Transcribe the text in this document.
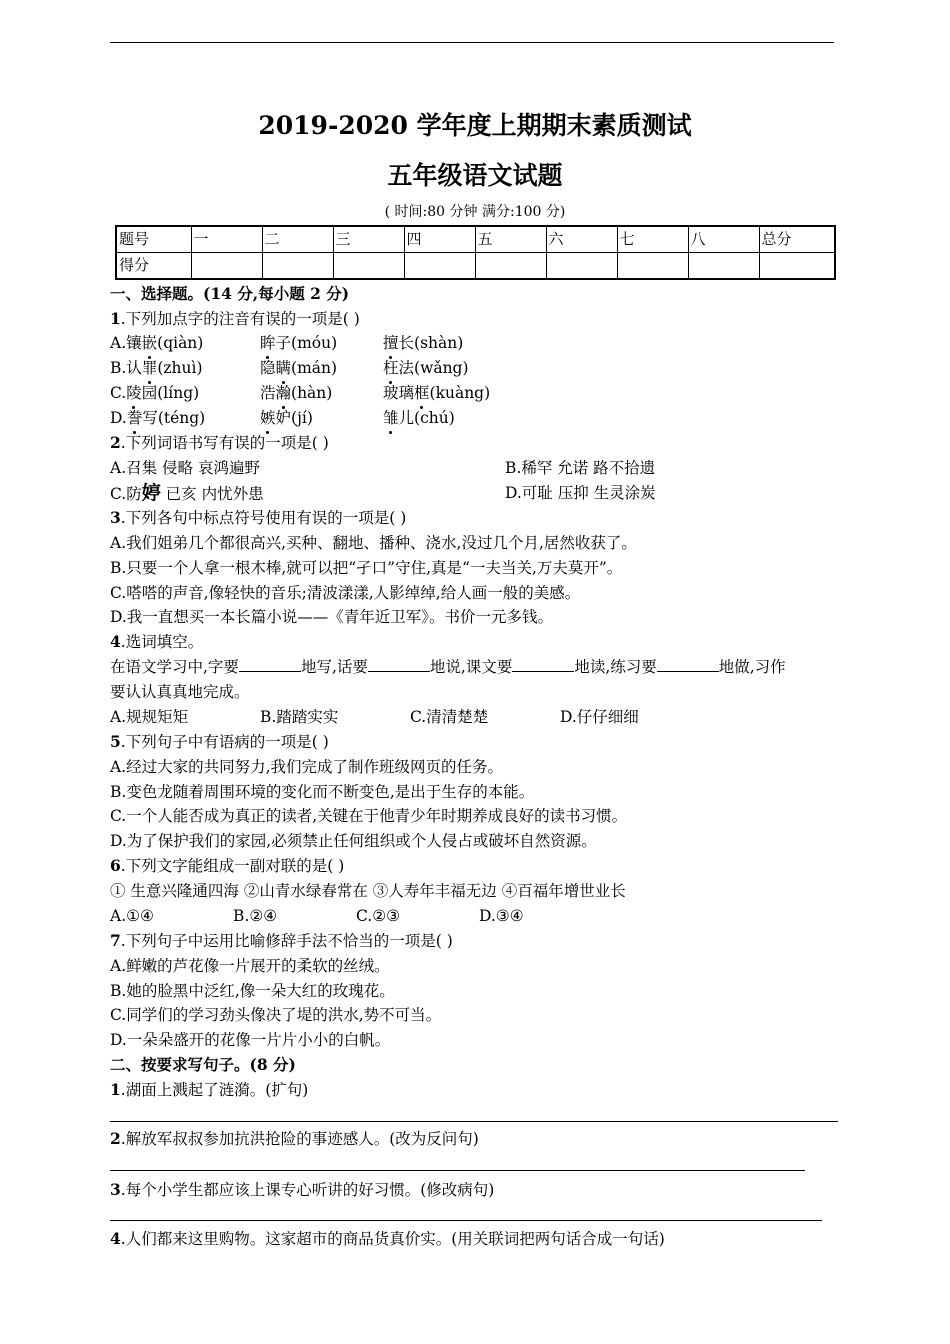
2019-2020 学年度上期期末素质测试
五年级语文试题
( 时间:80 分钟 满分:100 分)
题号	一	二	三	四	五	六	七	八	总分
得分									
一、选择题。(14 分,每小题 2 分)
1.下列加点字的注音有误的一项是( )
A.镶嵌(qiàn)	眸子(móu)	擅长(shàn)
B.认罪(zhuì)	隐瞒(mán)	枉法(wǎng)
C.陵园(líng)	浩瀚(hàn)	玻璃框(kuàng)
D.誊写(téng)	嫉妒(jí)	雏儿(chú)
2.下列词语书写有误的一项是( )
A.召集 侵略 哀鸿遍野	B.稀罕 允诺 路不拾遗
C.防婷 已亥 内忧外患	D.可耻 压抑 生灵涂炭
3.下列各句中标点符号使用有误的一项是( )
A.我们姐弟几个都很高兴,买种、翻地、播种、浇水,没过几个月,居然收获了。
B.只要一个人拿一根木棒,就可以把“孑口”守住,真是“一夫当关,万夫莫开”。
C.嗒嗒的声音,像轻快的音乐;清波漾漾,人影绰绰,给人画一般的美感。
D.我一直想买一本长篇小说——《青年近卫军》。书价一元多钱。
4.选词填空。
在语文学习中,字要	地写,话要	地说,课文要	地读,练习要	地做,习作
要认认真真地完成。
A.规规矩矩	B.踏踏实实	C.清清楚楚	D.仔仔细细
5.下列句子中有语病的一项是( )
A.经过大家的共同努力,我们完成了制作班级网页的任务。
B.变色龙随着周围环境的变化而不断变色,是出于生存的本能。
C.一个人能否成为真正的读者,关键在于他青少年时期养成良好的读书习惯。
D.为了保护我们的家园,必须禁止任何组织或个人侵占或破坏自然资源。
6.下列文字能组成一副对联的是( )
① 生意兴隆通四海 ②山青水绿春常在 ③人寿年丰福无边 ④百福年增世业长
A.①④	B.②④	C.②③	D.③④
7.下列句子中运用比喻修辞手法不恰当的一项是( )
A.鲜嫩的芦花像一片展开的柔软的丝绒。
B.她的脸黑中泛红,像一朵大红的玫瑰花。
C.同学们的学习劲头像决了堤的洪水,势不可当。
D.一朵朵盛开的花像一片片小小的白帆。
二、按要求写句子。(8 分)
1.湖面上溅起了涟漪。(扩句)
2.解放军叔叔参加抗洪抢险的事迹感人。(改为反问句)
3.每个小学生都应该上课专心听讲的好习惯。(修改病句)
4.人们都来这里购物。这家超市的商品货真价实。(用关联词把两句话合成一句话)
